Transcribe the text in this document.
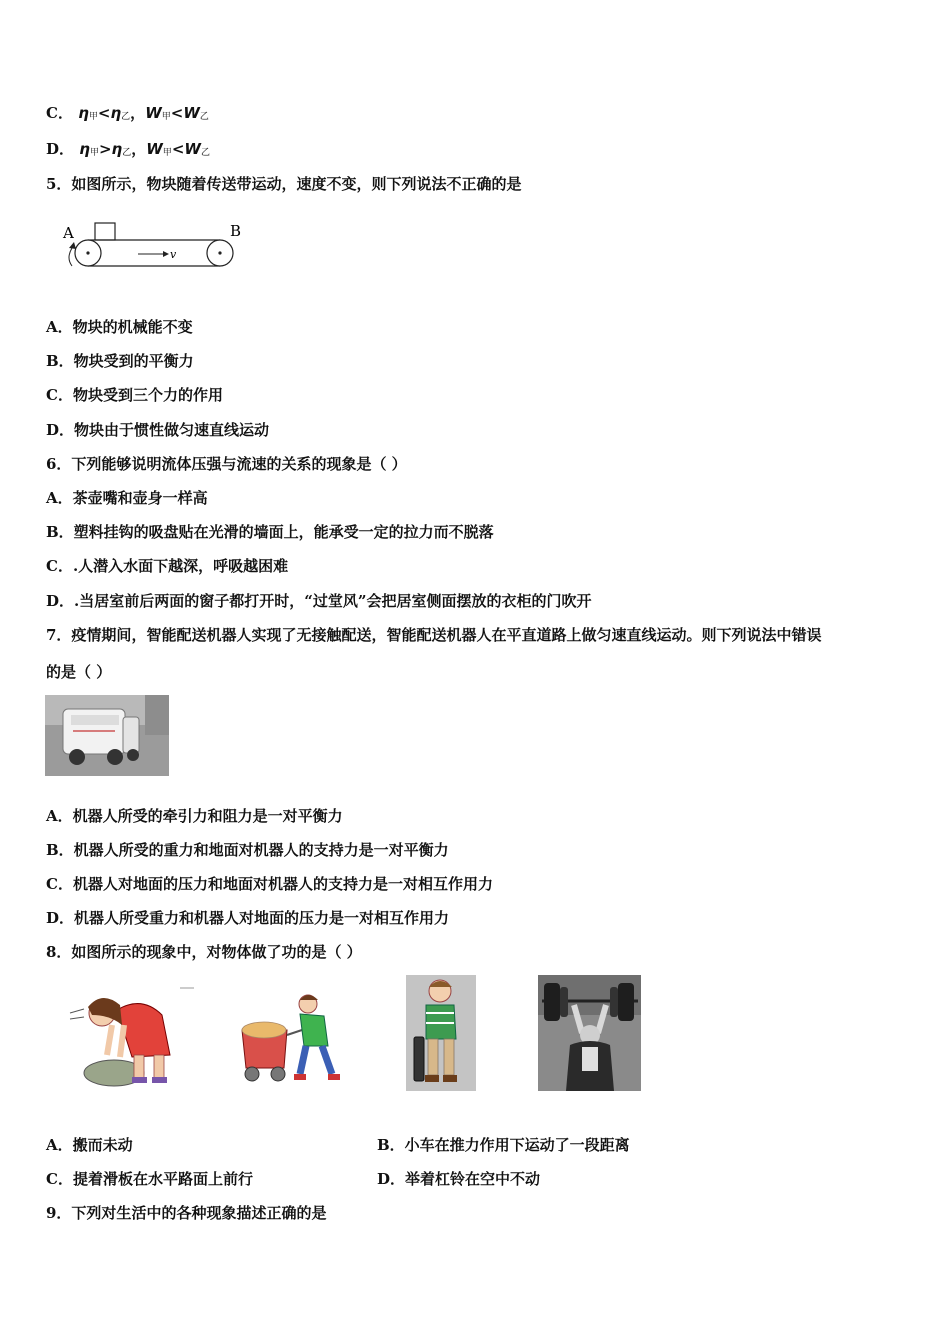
C． η甲<η乙，W甲<W乙
D． η甲>η乙，W甲<W乙
5．如图所示，物块随着传送带运动，速度不变，则下列说法不正确的是
A	B
v
A．物块的机械能不变
B．物块受到的平衡力
C．物块受到三个力的作用
D．物块由于惯性做匀速直线运动
6．下列能够说明流体压强与流速的关系的现象是（ ）
A．茶壶嘴和壶身一样高
B．塑料挂钩的吸盘贴在光滑的墙面上，能承受一定的拉力而不脱落
C．.人潜入水面下越深，呼吸越困难
D．.当居室前后两面的窗子都打开时，“过堂风”会把居室侧面摆放的衣柜的门吹开
7．疫情期间，智能配送机器人实现了无接触配送，智能配送机器人在平直道路上做匀速直线运动。则下列说法中错误
的是（ ）
A．机器人所受的牵引力和阻力是一对平衡力
B．机器人所受的重力和地面对机器人的支持力是一对平衡力
C．机器人对地面的压力和地面对机器人的支持力是一对相互作用力
D．机器人所受重力和机器人对地面的压力是一对相互作用力
8．如图所示的现象中，对物体做了功的是（ ）
A．搬而未动	B．小车在推力作用下运动了一段距离
C．提着滑板在水平路面上前行	D．举着杠铃在空中不动
9．下列对生活中的各种现象描述正确的是
